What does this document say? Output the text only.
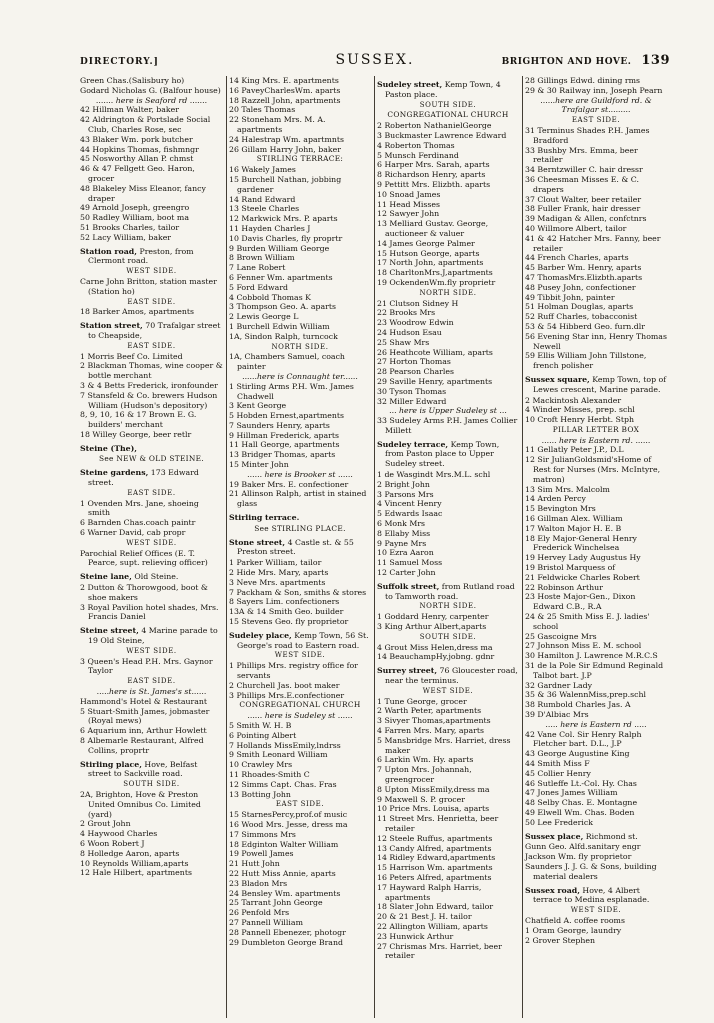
DIRECTORY.]	SUSSEX.	BRIGHTON AND HOVE. 139
Green Chas.(Salisbury ho)
Godard Nicholas G. (Balfour house)
....... here is Seaford rd .......
42 Hillman Walter, baker
42 Aldrington & Portslade Social Club, Charles Rose, sec
43 Blaker Wm. pork butcher
44 Hopkins Thomas, fishmngr
45 Nosworthy Allan P. chmst
46 & 47 Fellgett Geo. Haron, grocer
48 Blakeley Miss Eleanor, fancy draper
49 Arnold Joseph, greengro
50 Radley William, boot ma
51 Brooks Charles, tailor
52 Lacy William, baker
Station road, Preston, from Clermont road.
WEST SIDE.
Carne John Britton, station master (Station ho)
EAST SIDE.
18 Barker Amos, apartments
Station street, 70 Trafalgar street to Cheapside,
EAST SIDE.
1 Morris Beef Co. Limited
2 Blackman Thomas, wine cooper & bottle merchant
3 & 4 Betts Frederick, ironfounder
7 Stansfeld & Co. brewers Hudson William (Hudson's depository)
8, 9, 10, 16 & 17 Brown E. G. builders' merchant
18 Willey George, beer retlr
Steine (The),
See NEW & OLD STEINE.
Steine gardens, 173 Edward street.
EAST SIDE.
1 Ovenden Mrs. Jane, shoeing smith
6 Barnden Chas.coach paintr
6 Warner David, cab propr
WEST SIDE.
Parochial Relief Offices (E. T. Pearce, supt. relieving officer)
Steine lane, Old Steine.
2 Dutton & Thorowgood, boot & shoe makers
3 Royal Pavilion hotel shades, Mrs. Francis Daniel
Steine street, 4 Marine parade to 19 Old Steine,
WEST SIDE.
3 Queen's Head P.H. Mrs. Gaynor Taylor
EAST SIDE.
.....here is St. James's st......
Hammond's Hotel & Restaurant
5 Stuart-Smith James, jobmaster (Royal mews)
6 Aquarium inn, Arthur Howlett
8 Albemarle Restaurant, Alfred Collins, proprtr
Stirling place, Hove, Belfast street to Sackville road.
SOUTH SIDE.
2A, Brighton, Hove & Preston United Omnibus Co. Limited (yard)
2 Grout John
4 Haywood Charles
6 Woon Robert J
8 Holledge Aaron, aparts
10 Reynolds William,aparts
12 Hale Hilbert, apartments
14 King Mrs. E. apartments
16 PaveyCharlesWm. aparts
18 Razzell John, apartments
20 Tales Thomas
22 Stoneham Mrs. M. A. apartments
24 Halestrap Wm. apartmnts
26 Gillam Harry John, baker
STIRLING TERRACE:
16 Wakely James
15 Burchell Nathan, jobbing gardener
14 Rand Edward
13 Steele Charles
12 Markwick Mrs. P. aparts
11 Hayden Charles J
10 Davis Charles, fly proprtr
9 Burden William George
8 Brown William
7 Lane Robert
6 Fenner Wm. apartments
5 Ford Edward
4 Cobbold Thomas K
3 Thompson Geo. A. aparts
2 Lewis George L
1 Burchell Edwin William
1A, Sindon Ralph, turncock
NORTH SIDE.
1A, Chambers Samuel, coach painter
......here is Connaught ter......
1 Stirling Arms P.H. Wm. James Chadwell
3 Kent George
5 Hobden Ernest,apartments
7 Saunders Henry, aparts
9 Hillman Frederick, aparts
11 Hall George, apartments
13 Bridger Thomas, aparts
15 Minter John
...... here is Brooker st ......
19 Baker Mrs. E. confectioner
21 Allinson Ralph, artist in stained glass
Stirling terrace.
See STIRLING PLACE.
Stone street, 4 Castle st. & 55 Preston street.
1 Parker William, tailor
2 Hide Mrs. Mary, aparts
3 Neve Mrs. apartments
7 Packham & Son, smiths & stores
8 Sayers Lim. confectioners
13A & 14 Smith Geo. builder
15 Stevens Geo. fly proprietor
Sudeley place, Kemp Town, 56 St. George's road to Eastern road.
WEST SIDE.
1 Phillips Mrs. registry office for servants
2 Churchell Jas. boot maker
3 Phillips Mrs.E.confectioner
CONGREGATIONAL CHURCH
...... here is Sudeley st ......
5 Smith W. H. B
6 Pointing Albert
7 Hollands MissEmily,lndrss
9 Smith Leonard William
10 Crawley Mrs
11 Rhoades-Smith C
12 Simms Capt. Chas. Fras
13 Botting John
EAST SIDE.
15 StarnesPercy,prof.of music
16 Wood Mrs. Jesse, dress ma
17 Simmons Mrs
18 Edginton Walter William
19 Powell James
21 Hutt John
22 Hutt Miss Annie, aparts
23 Bladon Mrs
24 Bensley Wm. apartments
25 Tarrant John George
26 Penfold Mrs
27 Pannell William
28 Pannell Ebenezer, photogr
29 Dumbleton George Brand
Sudeley street, Kemp Town, 4 Paston place.
SOUTH SIDE.
CONGREGATIONAL CHURCH
2 Roberton NathanielGeorge
3 Buckmaster Lawrence Edward
4 Roberton Thomas
5 Munsch Ferdinand
6 Harper Mrs. Sarah, aparts
8 Richardson Henry, aparts
9 Pettitt Mrs. Elizbth. aparts
10 Snoad James
11 Head Misses
12 Sawyer John
13 Melliard Gustav. George, auctioneer & valuer
14 James George Palmer
15 Hutson George, aparts
17 North John, apartments
18 CharltonMrs.J,apartments
19 OckendenWm.fly proprietr
NORTH SIDE.
21 Clutson Sidney H
22 Brooks Mrs
23 Woodrow Edwin
24 Hudson Esau
25 Shaw Mrs
26 Heathcote William, aparts
27 Horton Thomas
28 Pearson Charles
29 Saville Henry, apartments
30 Tyson Thomas
32 Miller Edward
... here is Upper Sudeley st ...
33 Sudeley Arms P.H. James Collier Millett
Sudeley terrace, Kemp Town, from Paston place to Upper Sudeley street.
1 de Wasgindt Mrs.M.L. schl
2 Bright John
3 Parsons Mrs
4 Vincent Henry
5 Edwards Isaac
6 Monk Mrs
8 Ellaby Miss
9 Payne Mrs
10 Ezra Aaron
11 Samuel Moss
12 Carter John
Suffolk street, from Rutland road to Tamworth road.
NORTH SIDE.
1 Goddard Henry, carpenter
3 King Arthur Albert,aparts
SOUTH SIDE.
4 Grout Miss Helen,dress ma
14 BeauchampHy.jobng. gdnr
Surrey street, 76 Gloucester road, near the terminus.
WEST SIDE.
1 Tune George, grocer
2 Warth Peter, apartments
3 Sivyer Thomas,apartments
4 Farren Mrs. Mary, aparts
5 Mansbridge Mrs. Harriet, dress maker
6 Larkin Wm. Hy. aparts
7 Upton Mrs. Johannah, greengrocer
8 Upton MissEmily,dress ma
9 Maxwell S. P. grocer
10 Price Mrs. Louisa, aparts
11 Street Mrs. Henrietta, beer retailer
12 Steele Ruffus, apartments
13 Candy Alfred, apartments
14 Ridley Edward,apartments
15 Harrison Wm. apartments
16 Peters Alfred, apartments
17 Hayward Ralph Harris, apartments
18 Slater John Edward, tailor
20 & 21 Best J. H. tailor
22 Allington William, aparts
23 Hunwick Arthur
27 Chrismas Mrs. Harriet, beer retailer
28 Gillings Edwd. dining rms
29 & 30 Railway inn, Joseph Pearn
......here are Guildford rd. & Trafalgar st.........
EAST SIDE.
31 Terminus Shades P.H. James Bradford
33 Bushby Mrs. Emma, beer retailer
34 Berntzwiller C. hair dressr
36 Cheesman Misses E. & C. drapers
37 Clout Walter, beer retailer
38 Fuller Frank, hair dresser
39 Madigan & Allen, confctnrs
40 Willmore Albert, tailor
41 & 42 Hatcher Mrs. Fanny, beer retailer
44 French Charles, aparts
45 Barber Wm. Henry, aparts
47 ThomasMrs.Elizbth.aparts
48 Pusey John, confectioner
49 Tibbit John, painter
51 Holman Douglas, aparts
52 Ruff Charles, tobacconist
53 & 54 Hibberd Geo. furn.dlr
56 Evening Star inn, Henry Thomas Newell
59 Ellis William John Tillstone, french polisher
Sussex square, Kemp Town, top of Lewes crescent, Marine parade.
2 Mackintosh Alexander
4 Winder Misses, prep. schl
10 Croft Henry Herbt. Stph
PILLAR LETTER BOX
...... here is Eastern rd. ......
11 Gellatly Peter J.P., D.L
12 Sir JulianGoldsmid'sHome of Rest for Nurses (Mrs. McIntyre, matron)
13 Sim Mrs. Malcolm
14 Arden Percy
15 Bevington Mrs
16 Gillman Alex. William
17 Walton Major H. E. B
18 Ely Major-General Henry Frederick Winchelsea
19 Hervey Lady Augustus Hy
19 Bristol Marquess of
21 Feldwicke Charles Robert
22 Robinson Arthur
23 Hoste Major-Gen., Dixon Edward C.B., R.A
24 & 25 Smith Miss E. J. ladies' school
25 Gascoigne Mrs
27 Johnson Miss E. M. school
30 Hamilton J. Lawrence M.R.C.S
31 de la Pole Sir Edmund Reginald Talbot bart. J.P
32 Gardner Lady
35 & 36 WalennMiss,prep.schl
38 Rumbold Charles Jas. A
39 D'Albiac Mrs
..... here is Eastern rd .....
42 Vane Col. Sir Henry Ralph Fletcher bart. D.L., J.P
43 George Augustine King
44 Smith Miss F
45 Collier Henry
46 Sutleffe Lt.-Col. Hy. Chas
47 Jones James William
48 Selby Chas. E. Montagne
49 Elwell Wm. Chas. Boden
50 Lee Frederick
Sussex place, Richmond st.
Gunn Geo. Alfd.sanitary engr
Jackson Wm. fly proprietor
Saunders J. J. G. & Sons, building material dealers
Sussex road, Hove, 4 Albert terrace to Medina esplanade.
WEST SIDE.
Chatfield A. coffee rooms
1 Oram George, laundry
2 Grover Stephen
